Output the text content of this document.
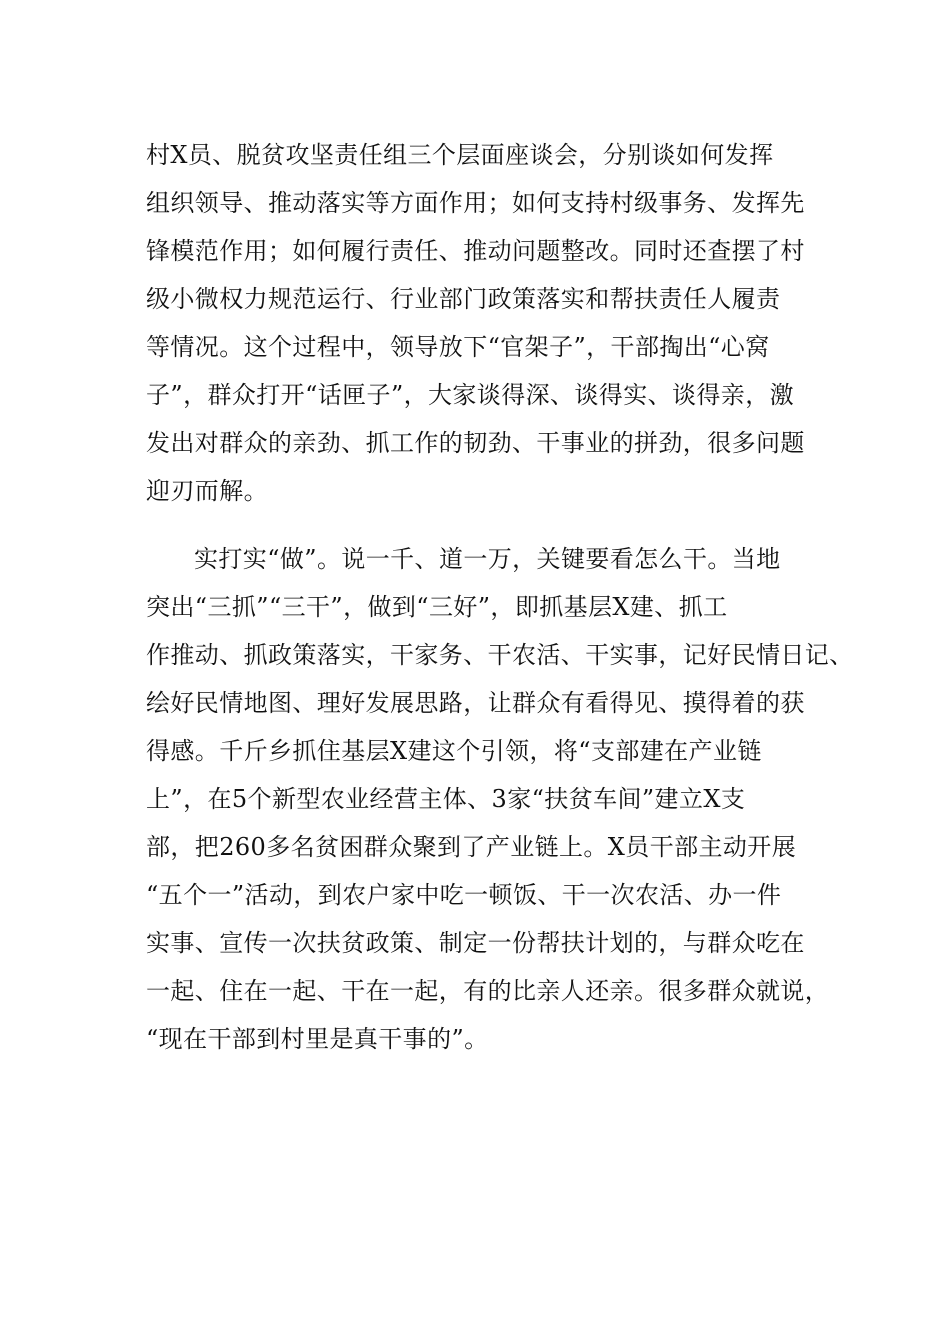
村X员、脱贫攻坚责任组三个层面座谈会，分别谈如何发挥
组织领导、推动落实等方面作用；如何支持村级事务、发挥先
锋模范作用；如何履行责任、推动问题整改。同时还查摆了村
级小微权力规范运行、行业部门政策落实和帮扶责任人履责
等情况。这个过程中，领导放下“官架子”，干部掏出“心窝
子”，群众打开“话匣子”，大家谈得深、谈得实、谈得亲，激
发出对群众的亲劲、抓工作的韧劲、干事业的拼劲，很多问题
迎刃而解。
实打实“做”。说一千、道一万，关键要看怎么干。当地
突出“三抓”“三干”，做到“三好”，即抓基层X建、抓工
作推动、抓政策落实，干家务、干农活、干实事，记好民情日记、
绘好民情地图、理好发展思路，让群众有看得见、摸得着的获
得感。千斤乡抓住基层X建这个引领，将“支部建在产业链
上”，在5个新型农业经营主体、3家“扶贫车间”建立X支
部，把260多名贫困群众聚到了产业链上。X员干部主动开展
“五个一”活动，到农户家中吃一顿饭、干一次农活、办一件
实事、宣传一次扶贫政策、制定一份帮扶计划的，与群众吃在
一起、住在一起、干在一起，有的比亲人还亲。很多群众就说，
“现在干部到村里是真干事的”。
